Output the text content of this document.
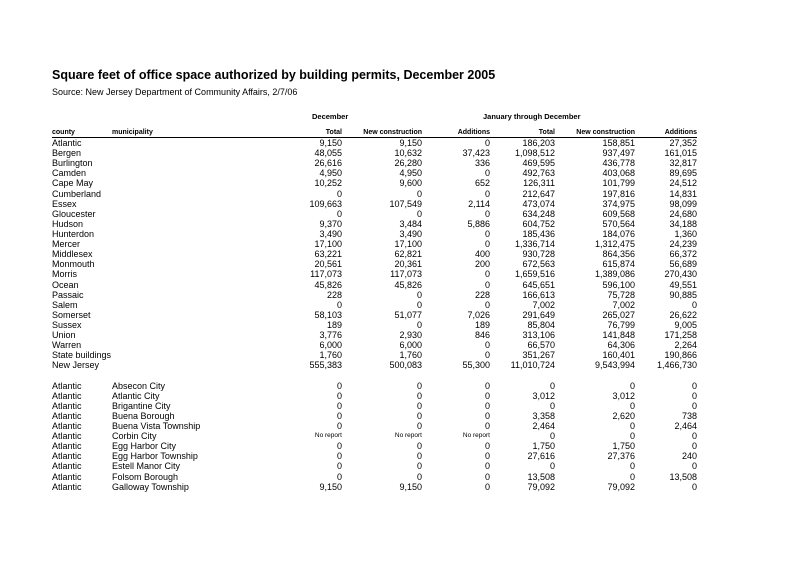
Square feet of office space authorized by building permits, December 2005
Source: New Jersey Department of Community Affairs, 2/7/06
December	January through December
county	municipality	Total	New construction	Additions	Total	New construction	Additions
Atlantic		9,150	9,150	0	186,203	158,851	27,352
Bergen		48,055	10,632	37,423	1,098,512	937,497	161,015
Burlington		26,616	26,280	336	469,595	436,778	32,817
Camden		4,950	4,950	0	492,763	403,068	89,695
Cape May		10,252	9,600	652	126,311	101,799	24,512
Cumberland		0	0	0	212,647	197,816	14,831
Essex		109,663	107,549	2,114	473,074	374,975	98,099
Gloucester		0	0	0	634,248	609,568	24,680
Hudson		9,370	3,484	5,886	604,752	570,564	34,188
Hunterdon		3,490	3,490	0	185,436	184,076	1,360
Mercer		17,100	17,100	0	1,336,714	1,312,475	24,239
Middlesex		63,221	62,821	400	930,728	864,356	66,372
Monmouth		20,561	20,361	200	672,563	615,874	56,689
Morris		117,073	117,073	0	1,659,516	1,389,086	270,430
Ocean		45,826	45,826	0	645,651	596,100	49,551
Passaic		228	0	228	166,613	75,728	90,885
Salem		0	0	0	7,002	7,002	0
Somerset		58,103	51,077	7,026	291,649	265,027	26,622
Sussex		189	0	189	85,804	76,799	9,005
Union		3,776	2,930	846	313,106	141,848	171,258
Warren		6,000	6,000	0	66,570	64,306	2,264
State buildings		1,760	1,760	0	351,267	160,401	190,866
New Jersey		555,383	500,083	55,300	11,010,724	9,543,994	1,466,730

Atlantic	Absecon City	0	0	0	0	0	0
Atlantic	Atlantic City	0	0	0	3,012	3,012	0
Atlantic	Brigantine City	0	0	0	0	0	0
Atlantic	Buena Borough	0	0	0	3,358	2,620	738
Atlantic	Buena Vista Township	0	0	0	2,464	0	2,464
Atlantic	Corbin City	No report	No report	No report	0	0	0
Atlantic	Egg Harbor City	0	0	0	1,750	1,750	0
Atlantic	Egg Harbor Township	0	0	0	27,616	27,376	240
Atlantic	Estell Manor City	0	0	0	0	0	0
Atlantic	Folsom Borough	0	0	0	13,508	0	13,508
Atlantic	Galloway Township	9,150	9,150	0	79,092	79,092	0
